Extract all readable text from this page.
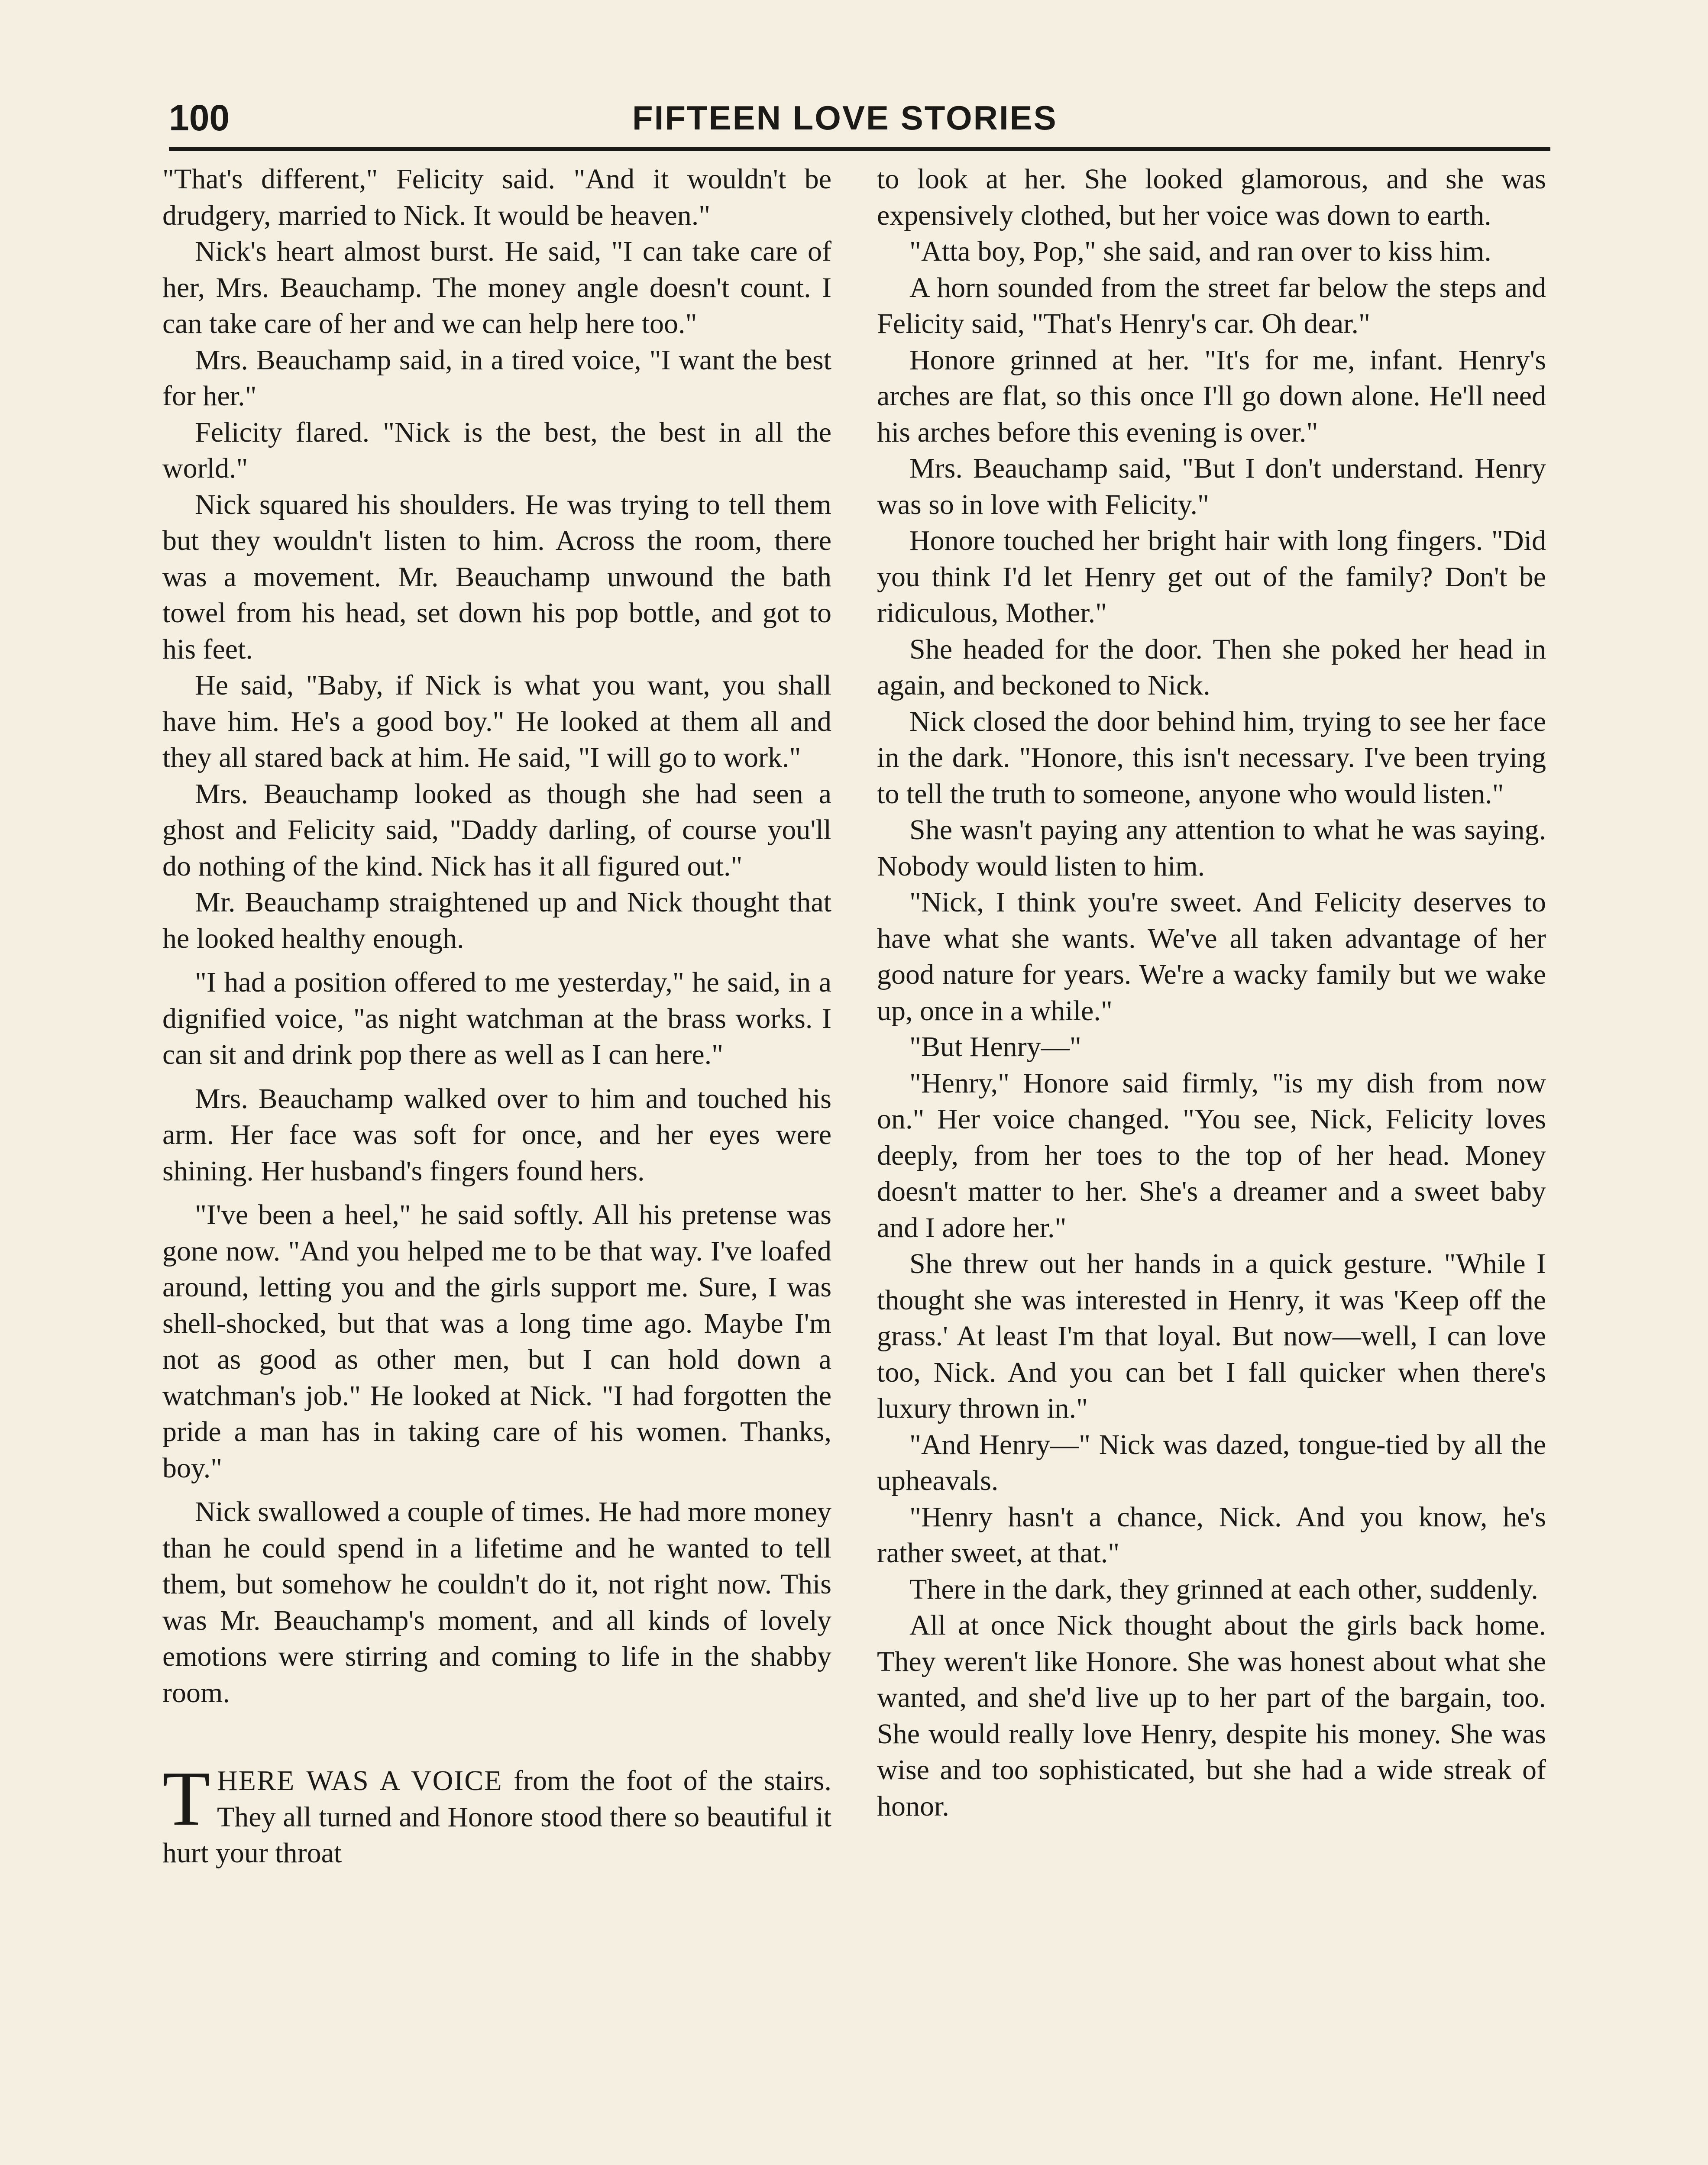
100	FIFTEEN LOVE STORIES

"That's different," Felicity said. "And it wouldn't be drudgery, married to Nick. It would be heaven."

Nick's heart almost burst. He said, "I can take care of her, Mrs. Beauchamp. The money angle doesn't count. I can take care of her and we can help here too."

Mrs. Beauchamp said, in a tired voice, "I want the best for her."

Felicity flared. "Nick is the best, the best in all the world."

Nick squared his shoulders. He was trying to tell them but they wouldn't listen to him. Across the room, there was a movement. Mr. Beauchamp unwound the bath towel from his head, set down his pop bottle, and got to his feet.

He said, "Baby, if Nick is what you want, you shall have him. He's a good boy." He looked at them all and they all stared back at him. He said, "I will go to work."

Mrs. Beauchamp looked as though she had seen a ghost and Felicity said, "Daddy darling, of course you'll do nothing of the kind. Nick has it all figured out."

Mr. Beauchamp straightened up and Nick thought that he looked healthy enough.

"I had a position offered to me yesterday," he said, in a dignified voice, "as night watchman at the brass works. I can sit and drink pop there as well as I can here."

Mrs. Beauchamp walked over to him and touched his arm. Her face was soft for once, and her eyes were shining. Her husband's fingers found hers.

"I've been a heel," he said softly. All his pretense was gone now. "And you helped me to be that way. I've loafed around, letting you and the girls support me. Sure, I was shell-shocked, but that was a long time ago. Maybe I'm not as good as other men, but I can hold down a watchman's job." He looked at Nick. "I had forgotten the pride a man has in taking care of his women. Thanks, boy."

Nick swallowed a couple of times. He had more money than he could spend in a lifetime and he wanted to tell them, but somehow he couldn't do it, not right now. This was Mr. Beauchamp's moment, and all kinds of lovely emotions were stirring and coming to life in the shabby room.

THERE WAS A VOICE from the foot of the stairs. They all turned and Honore stood there so beautiful it hurt your throat

to look at her. She looked glamorous, and she was expensively clothed, but her voice was down to earth.

"Atta boy, Pop," she said, and ran over to kiss him.

A horn sounded from the street far below the steps and Felicity said, "That's Henry's car. Oh dear."

Honore grinned at her. "It's for me, infant. Henry's arches are flat, so this once I'll go down alone. He'll need his arches before this evening is over."

Mrs. Beauchamp said, "But I don't understand. Henry was so in love with Felicity."

Honore touched her bright hair with long fingers. "Did you think I'd let Henry get out of the family? Don't be ridiculous, Mother."

She headed for the door. Then she poked her head in again, and beckoned to Nick.

Nick closed the door behind him, trying to see her face in the dark. "Honore, this isn't necessary. I've been trying to tell the truth to someone, anyone who would listen."

She wasn't paying any attention to what he was saying. Nobody would listen to him.

"Nick, I think you're sweet. And Felicity deserves to have what she wants. We've all taken advantage of her good nature for years. We're a wacky family but we wake up, once in a while."

"But Henry—"

"Henry," Honore said firmly, "is my dish from now on." Her voice changed. "You see, Nick, Felicity loves deeply, from her toes to the top of her head. Money doesn't matter to her. She's a dreamer and a sweet baby and I adore her."

She threw out her hands in a quick gesture. "While I thought she was interested in Henry, it was 'Keep off the grass.' At least I'm that loyal. But now—well, I can love too, Nick. And you can bet I fall quicker when there's luxury thrown in."

"And Henry—" Nick was dazed, tongue-tied by all the upheavals.

"Henry hasn't a chance, Nick. And you know, he's rather sweet, at that."

There in the dark, they grinned at each other, suddenly.

All at once Nick thought about the girls back home. They weren't like Honore. She was honest about what she wanted, and she'd live up to her part of the bargain, too. She would really love Henry, despite his money. She was wise and too sophisticated, but she had a wide streak of honor.
